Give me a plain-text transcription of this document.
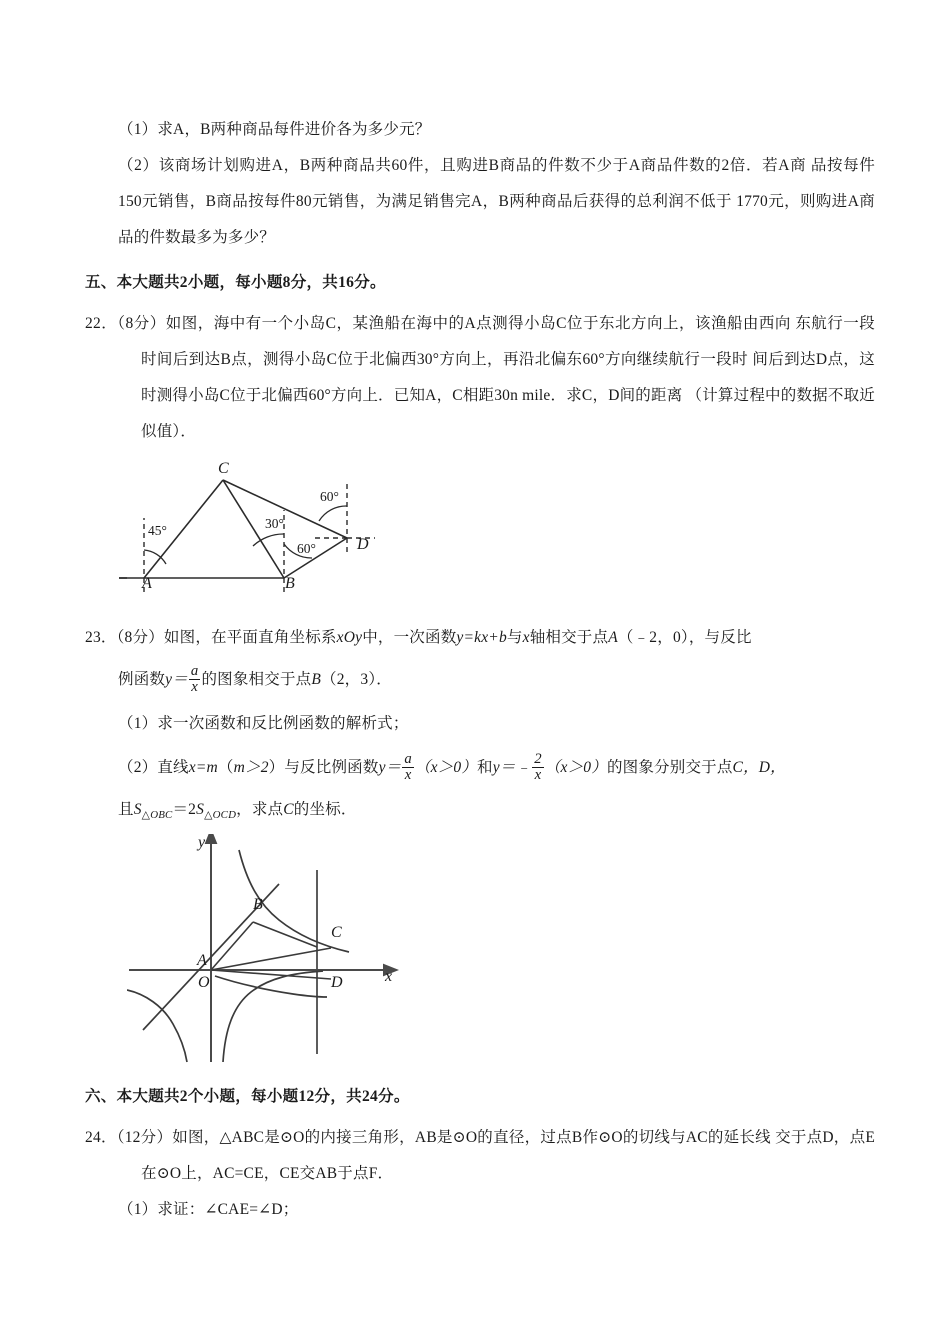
（1）求A，B两种商品每件进价各为多少元？
（2）该商场计划购进A，B两种商品共60件，且购进B商品的件数不少于A商品件数的2倍．若A商 品按每件150元销售，B商品按每件80元销售，为满足销售完A，B两种商品后获得的总利润不低于 1770元，则购进A商品的件数最多为多少？
五、本大题共2小题，每小题8分，共16分。
22．（8分）如图，海中有一个小岛C，某渔船在海中的A点测得小岛C位于东北方向上，该渔船由西向 东航行一段时间后到达B点，测得小岛C位于北偏西30°方向上，再沿北偏东60°方向继续航行一段时 间后到达D点，这时测得小岛C位于北偏西60°方向上．已知A，C相距30n mile．求C，D间的距离 （计算过程中的数据不取近似值）．
A	B
C
D
45°	30°
60°
60°
23．（8分）如图，在平面直角坐标系xOy中，一次函数y=kx+b与x轴相交于点A（﹣2，0），与反比
例函数$y= \frac{a}{x}$ 的图象相交于点B（2，3）．
（1）求一次函数和反比例函数的解析式；
（2）直线x=m（m＞2）与反比例函数$y= \frac{a}{x} (x>0)$和y＝﹣ $\frac{2}{x} (x>0)$的图象分别交于点C，D，
且$S_{\triangle OBC}=2S_{\triangle OCD}$，求点C的坐标．
A
B
C
D
O	x
y
六、本大题共2个小题，每小题12分，共24分。
24．（12分）如图，△ABC是⊙O的内接三角形，AB是⊙O的直径，过点B作⊙O的切线与AC的延长线 交于点D，点E在⊙O上，AC=CE，CE交AB于点F．
（1）求证：∠CAE=∠D；
